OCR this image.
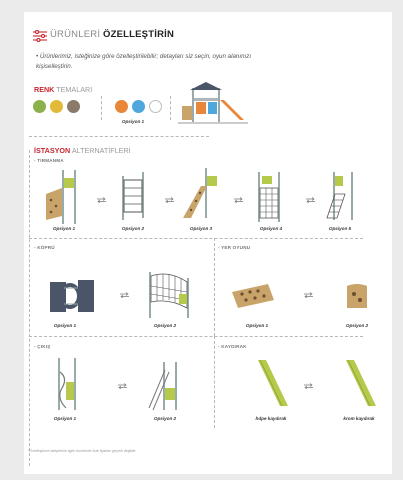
ÜRÜNLERİ ÖZELLEŞTİRİN
• Ürünlerimiz, isteğinize göre özelleştirilebilir; detayları siz seçin, oyun alanınızı kişiselleştirin.
RENK TEMALARI
Opsiyon 1
İSTASYON ALTERNATİFLERİ
- TIRMANMA
Opsiyon 1	Opsiyon 2	Opsiyon 3	Opsiyon 4	Opsiyon 5
- KÖPRÜ
Opsiyon 1	Opsiyon 2
- YER OYUNU
Opsiyon 1	Opsiyon 2
- ÇIKIŞ
Opsiyon 1	Opsiyon 2
- KAYDIRAK
hdpe kaydırak	krom kaydırak
*Özelleştirme taleplerine ilgiin ürünlerde liste fiyatları geçerli değildir.
